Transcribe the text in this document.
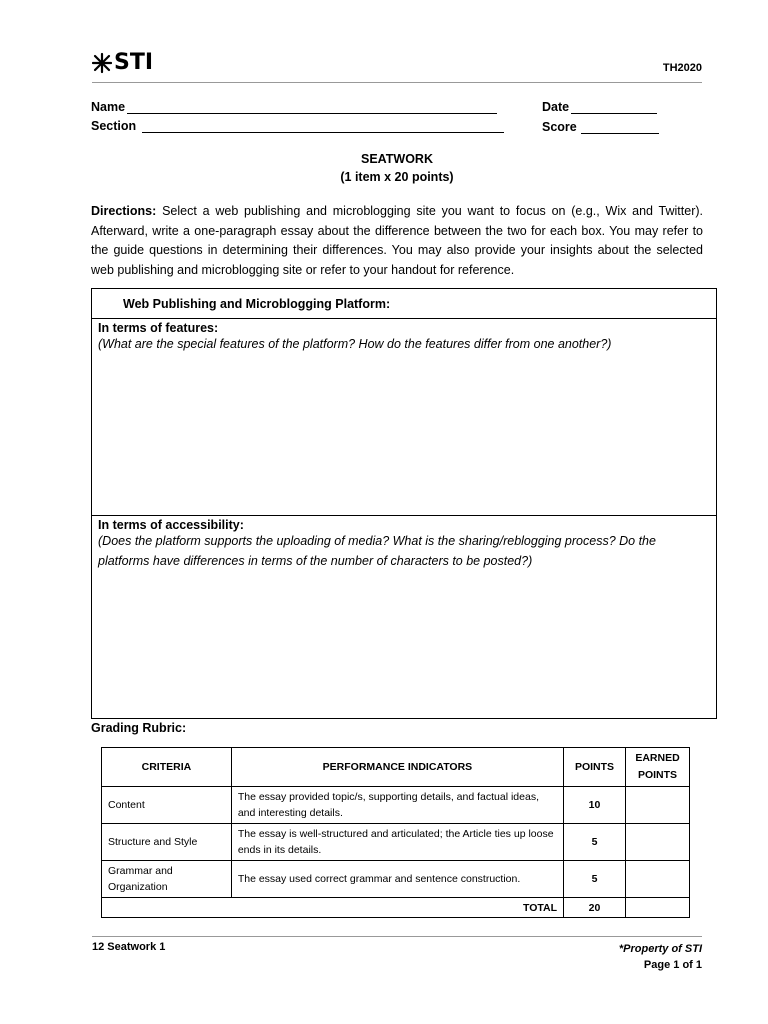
STI	TH2020
Name
Section
Date
Score
SEATWORK
(1 item x 20 points)
Directions: Select a web publishing and microblogging site you want to focus on (e.g., Wix and Twitter). Afterward, write a one-paragraph essay about the difference between the two for each box. You may refer to the guide questions in determining their differences. You may also provide your insights about the selected web publishing and microblogging site or refer to your handout for reference.
Web Publishing and Microblogging Platform:
In terms of features:
(What are the special features of the platform? How do the features differ from one another?)
In terms of accessibility:
(Does the platform supports the uploading of media? What is the sharing/reblogging process? Do the platforms have differences in terms of the number of characters to be posted?)
Grading Rubric:
CRITERIA	PERFORMANCE INDICATORS	POINTS	EARNED POINTS
Content	The essay provided topic/s, supporting details, and factual ideas, and interesting details.	10	
Structure and Style	The essay is well-structured and articulated; the Article ties up loose ends in its details.	5	
Grammar and Organization	The essay used correct grammar and sentence construction.	5	
TOTAL		20	
12 Seatwork 1	*Property of STI
Page 1 of 1
